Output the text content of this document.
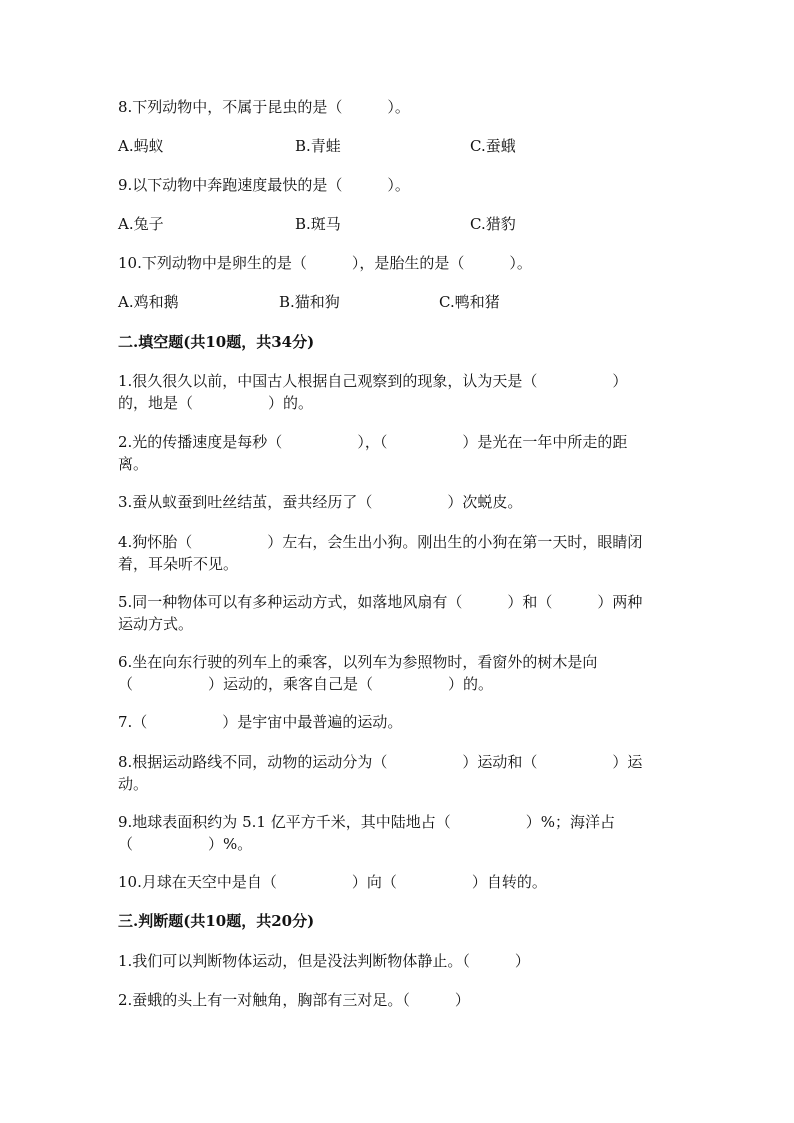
8.下列动物中，不属于昆虫的是（　　　）。
A.蚂蚁	B.青蛙	C.蚕蛾
9.以下动物中奔跑速度最快的是（　　　）。
A.兔子	B.斑马	C.猎豹
10.下列动物中是卵生的是（　　　），是胎生的是（　　　）。
A.鸡和鹅	B.猫和狗	C.鸭和猪
二.填空题(共10题，共34分)
1.很久很久以前，中国古人根据自己观察到的现象，认为天是（　　　　　）
的，地是（　　　　　）的。
2.光的传播速度是每秒（　　　　　），（　　　　　）是光在一年中所走的距
离。
3.蚕从蚁蚕到吐丝结茧，蚕共经历了（　　　　　）次蜕皮。
4.狗怀胎（　　　　　）左右，会生出小狗。刚出生的小狗在第一天时，眼睛闭
着，耳朵听不见。
5.同一种物体可以有多种运动方式，如落地风扇有（　　　）和（　　　）两种
运动方式。
6.坐在向东行驶的列车上的乘客，以列车为参照物时，看窗外的树木是向
（　　　　　）运动的，乘客自己是（　　　　　）的。
7.（　　　　　）是宇宙中最普遍的运动。
8.根据运动路线不同，动物的运动分为（　　　　　）运动和（　　　　　）运
动。
9.地球表面积约为 5.1 亿平方千米，其中陆地占（　　　　　）%；海洋占
（　　　　　）%。
10.月球在天空中是自（　　　　　）向（　　　　　）自转的。
三.判断题(共10题，共20分)
1.我们可以判断物体运动，但是没法判断物体静止。（　　　）
2.蚕蛾的头上有一对触角，胸部有三对足。（　　　）
